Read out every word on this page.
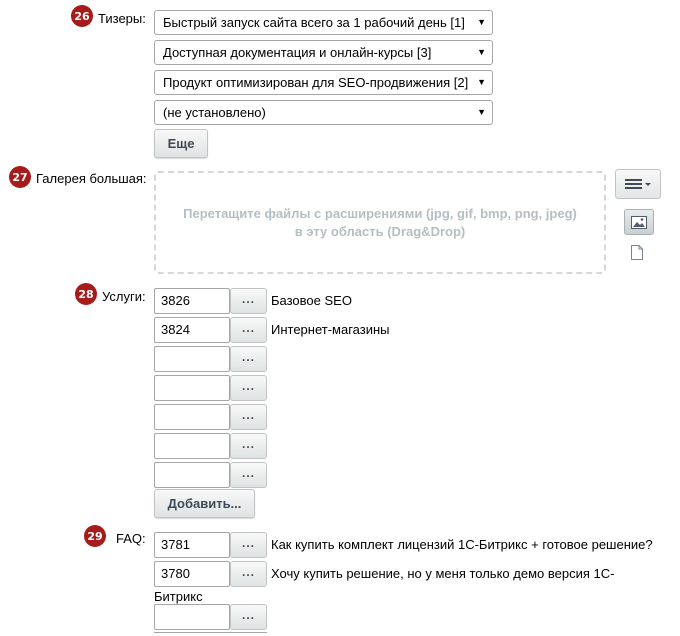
26 Тизеры:	Быстрый запуск сайта всего за 1 рабочий день [1] ▼
Доступная документация и онлайн-курсы [3]	▼
Продукт оптимизирован для SEO-продвижения [2] ▼
(не установлено)	▼
Еще
27 Галерея большая:
Перетащите файлы с расширениями (jpg, gif, bmp, png, jpeg)
в эту область (Drag&Drop)
28 Услуги:	3826	...	Базовое SEO
3824	...	Интернет-магазины
...
...
...
...
...
Добавить...
29 FAQ:	3781	...	Как купить комплект лицензий 1С-Битрикс + готовое решение?
3780	...	Хочу купить решение, но у меня только демо версия 1С-
Битрикс
...
